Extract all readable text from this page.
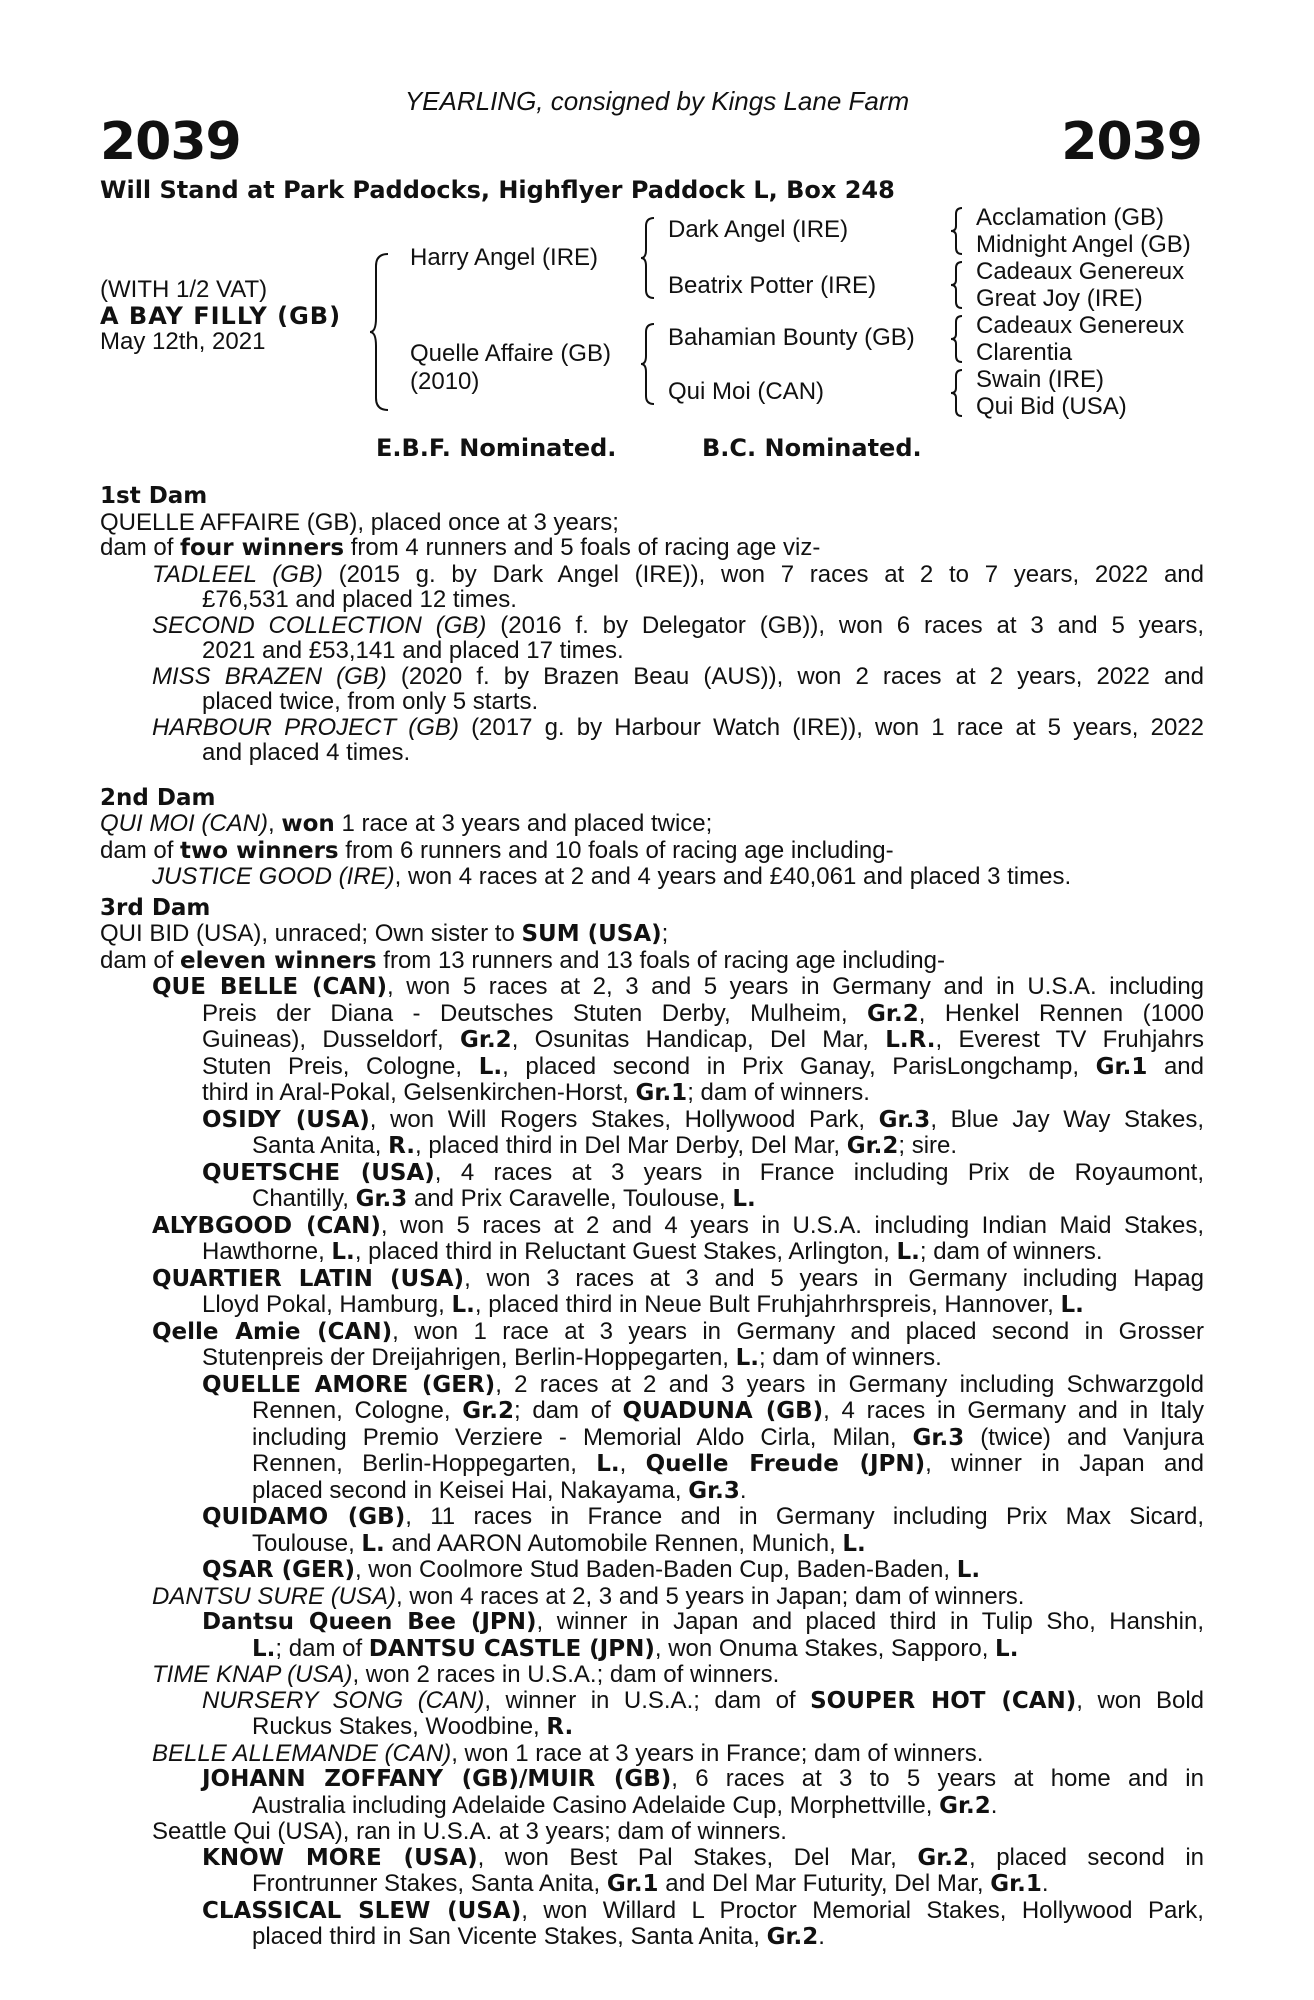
YEARLING, consigned by Kings Lane Farm
2039	2039
Will Stand at Park Paddocks, Highflyer Paddock L, Box 248
(WITH 1/2 VAT)
A BAY FILLY (GB)
May 12th, 2021
Harry Angel (IRE)
Quelle Affaire (GB)
(2010)
Dark Angel (IRE)
Beatrix Potter (IRE)
Bahamian Bounty (GB)
Qui Moi (CAN)
Acclamation (GB)
Midnight Angel (GB)
Cadeaux Genereux
Great Joy (IRE)
Cadeaux Genereux
Clarentia
Swain (IRE)
Qui Bid (USA)
E.B.F. Nominated.	B.C. Nominated.
1st Dam
QUELLE AFFAIRE (GB), placed once at 3 years;
dam of four winners from 4 runners and 5 foals of racing age viz-
TADLEEL (GB) (2015 g. by Dark Angel (IRE)), won 7 races at 2 to 7 years, 2022 and
£76,531 and placed 12 times.
SECOND COLLECTION (GB) (2016 f. by Delegator (GB)), won 6 races at 3 and 5 years,
2021 and £53,141 and placed 17 times.
MISS BRAZEN (GB) (2020 f. by Brazen Beau (AUS)), won 2 races at 2 years, 2022 and
placed twice, from only 5 starts.
HARBOUR PROJECT (GB) (2017 g. by Harbour Watch (IRE)), won 1 race at 5 years, 2022
and placed 4 times.
2nd Dam
QUI MOI (CAN), won 1 race at 3 years and placed twice;
dam of two winners from 6 runners and 10 foals of racing age including-
JUSTICE GOOD (IRE), won 4 races at 2 and 4 years and £40,061 and placed 3 times.
3rd Dam
QUI BID (USA), unraced; Own sister to SUM (USA);
dam of eleven winners from 13 runners and 13 foals of racing age including-
QUE BELLE (CAN), won 5 races at 2, 3 and 5 years in Germany and in U.S.A. including
Preis der Diana - Deutsches Stuten Derby, Mulheim, Gr.2, Henkel Rennen (1000
Guineas), Dusseldorf, Gr.2, Osunitas Handicap, Del Mar, L.R., Everest TV Fruhjahrs
Stuten Preis, Cologne, L., placed second in Prix Ganay, ParisLongchamp, Gr.1 and
third in Aral-Pokal, Gelsenkirchen-Horst, Gr.1; dam of winners.
OSIDY (USA), won Will Rogers Stakes, Hollywood Park, Gr.3, Blue Jay Way Stakes,
Santa Anita, R., placed third in Del Mar Derby, Del Mar, Gr.2; sire.
QUETSCHE (USA), 4 races at 3 years in France including Prix de Royaumont,
Chantilly, Gr.3 and Prix Caravelle, Toulouse, L.
ALYBGOOD (CAN), won 5 races at 2 and 4 years in U.S.A. including Indian Maid Stakes,
Hawthorne, L., placed third in Reluctant Guest Stakes, Arlington, L.; dam of winners.
QUARTIER LATIN (USA), won 3 races at 3 and 5 years in Germany including Hapag
Lloyd Pokal, Hamburg, L., placed third in Neue Bult Fruhjahrhrspreis, Hannover, L.
Qelle Amie (CAN), won 1 race at 3 years in Germany and placed second in Grosser
Stutenpreis der Dreijahrigen, Berlin-Hoppegarten, L.; dam of winners.
QUELLE AMORE (GER), 2 races at 2 and 3 years in Germany including Schwarzgold
Rennen, Cologne, Gr.2; dam of QUADUNA (GB), 4 races in Germany and in Italy
including Premio Verziere - Memorial Aldo Cirla, Milan, Gr.3 (twice) and Vanjura
Rennen, Berlin-Hoppegarten, L., Quelle Freude (JPN), winner in Japan and
placed second in Keisei Hai, Nakayama, Gr.3.
QUIDAMO (GB), 11 races in France and in Germany including Prix Max Sicard,
Toulouse, L. and AARON Automobile Rennen, Munich, L.
QSAR (GER), won Coolmore Stud Baden-Baden Cup, Baden-Baden, L.
DANTSU SURE (USA), won 4 races at 2, 3 and 5 years in Japan; dam of winners.
Dantsu Queen Bee (JPN), winner in Japan and placed third in Tulip Sho, Hanshin,
L.; dam of DANTSU CASTLE (JPN), won Onuma Stakes, Sapporo, L.
TIME KNAP (USA), won 2 races in U.S.A.; dam of winners.
NURSERY SONG (CAN), winner in U.S.A.; dam of SOUPER HOT (CAN), won Bold
Ruckus Stakes, Woodbine, R.
BELLE ALLEMANDE (CAN), won 1 race at 3 years in France; dam of winners.
JOHANN ZOFFANY (GB)/MUIR (GB), 6 races at 3 to 5 years at home and in
Australia including Adelaide Casino Adelaide Cup, Morphettville, Gr.2.
Seattle Qui (USA), ran in U.S.A. at 3 years; dam of winners.
KNOW MORE (USA), won Best Pal Stakes, Del Mar, Gr.2, placed second in
Frontrunner Stakes, Santa Anita, Gr.1 and Del Mar Futurity, Del Mar, Gr.1.
CLASSICAL SLEW (USA), won Willard L Proctor Memorial Stakes, Hollywood Park,
placed third in San Vicente Stakes, Santa Anita, Gr.2.
